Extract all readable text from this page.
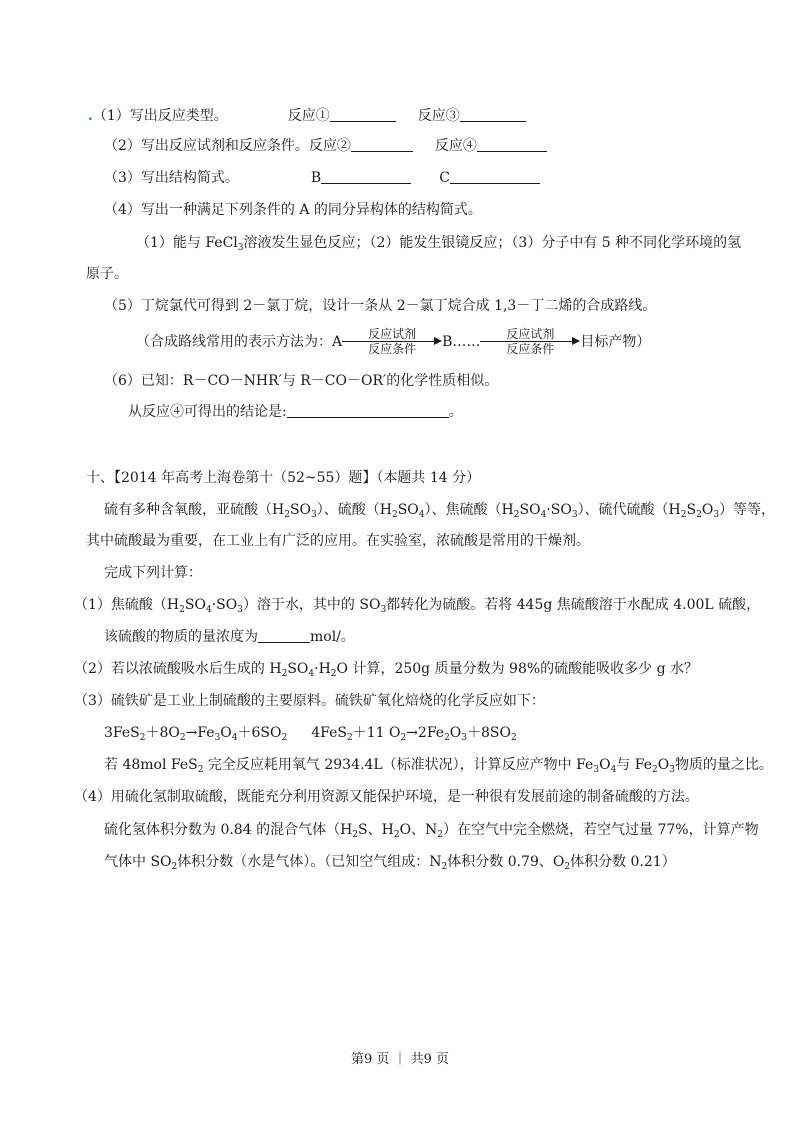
.（1）写出反应类型。	反应①	反应③
（2）写出反应试剂和反应条件。反应②	反应④
（3）写出结构简式。	B	C
（4）写出一种满足下列条件的 A 的同分异构体的结构简式。
（1）能与 FeCl$_3$溶液发生显色反应；（2）能发生银镜反应；（3）分子中有 5 种不同化学环境的氢
原子。
（5）丁烷氯代可得到 2－氯丁烷，设计一条从 2－氯丁烷合成 1,3－丁二烯的合成路线。
（合成路线常用的表示方法为：A	反应试剂
反应条件	B……	反应试剂
反应条件	目标产物）
（6）已知：R－CO－NHR′与 R－CO－OR′的化学性质相似。
从反应④可得出的结论是:	。
十、【2014 年高考上海卷第十（52~55）题】（本题共 14 分）
硫有多种含氧酸，亚硫酸$(H_2SO_3)$、硫酸$(H_2SO_4)$、焦硫酸$(H_2SO_4\cdot SO_3)$、硫代硫酸$(H_2S_2O_3)$等等，
其中硫酸最为重要，在工业上有广泛的应用。在实验室，浓硫酸是常用的干燥剂。
完成下列计算：
（1）焦硫酸$(H_2SO_4\cdot SO_3)$溶于水，其中的 $SO_3$都转化为硫酸。若将 445g 焦硫酸溶于水配成 4.00L 硫酸，
该硫酸的物质的量浓度为	mol/。
（2）若以浓硫酸吸水后生成的 $H_2SO_4\cdot H_2O$ 计算，250g 质量分数为 98%的硫酸能吸收多少 g 水？
（3）硫铁矿是工业上制硫酸的主要原料。硫铁矿氧化焙烧的化学反应如下：
$3FeS_2+8O_2\to Fe_3O_4+6SO_2$ 4FeS$_2$＋11 $O_2\to 2Fe_2O_3+8SO_2$
若 48mol FeS$_2$ 完全反应耗用氧气 2934.4L（标准状况），计算反应产物中 $Fe_3O_4$与 $Fe_2O_3$物质的量之比。
（4）用硫化氢制取硫酸，既能充分利用资源又能保护环境，是一种很有发展前途的制备硫酸的方法。
硫化氢体积分数为 0.84 的混合气体（$H_2S$、$H_2O$、$N_2$）在空气中完全燃烧，若空气过量 77%，计算产物
气体中 $SO_2$体积分数（水是气体）。（已知空气组成：$N_2$体积分数 0.79、$O_2$体积分数 0.21）
第9 页 ｜ 共9 页
